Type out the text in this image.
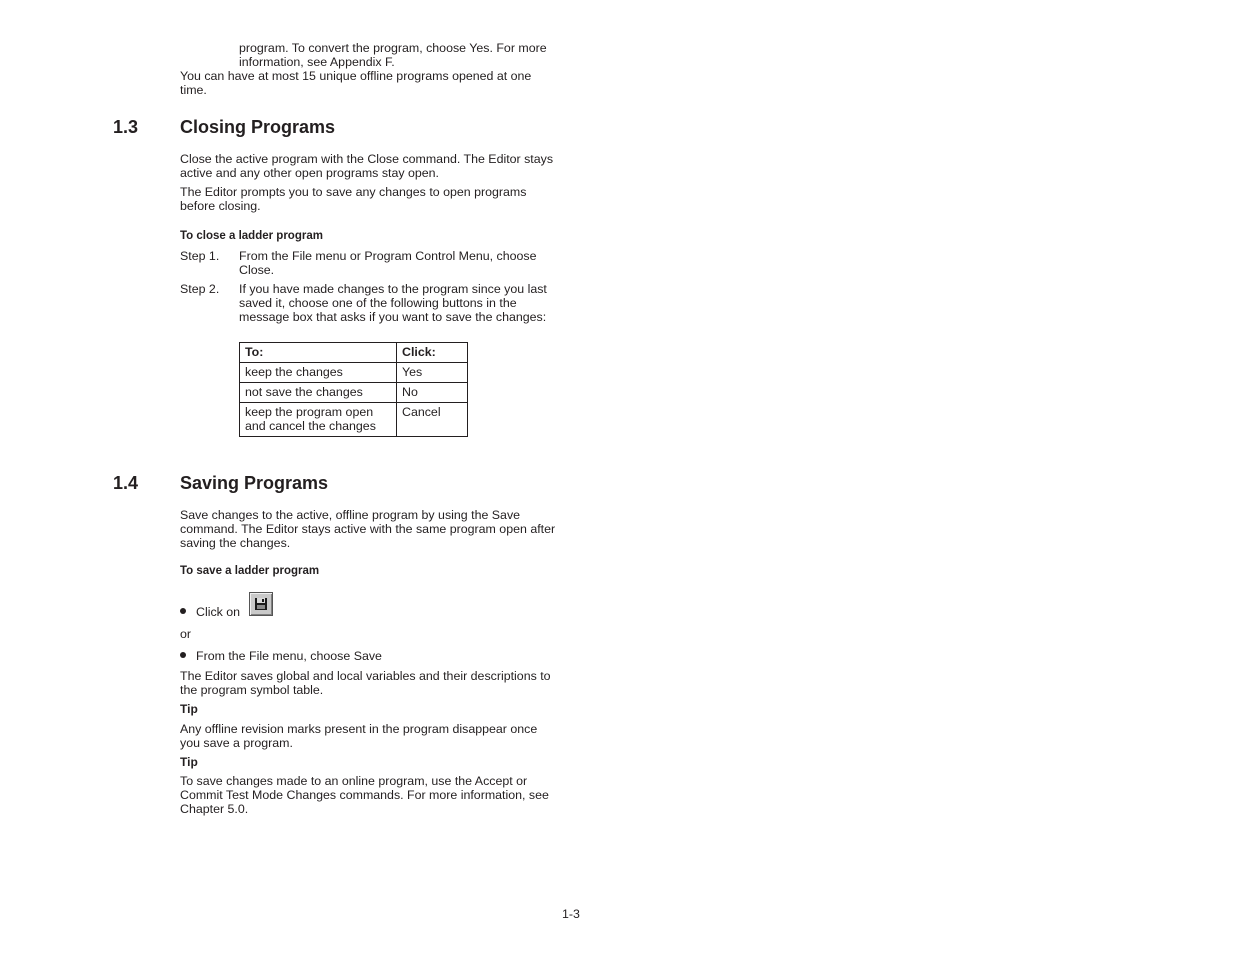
program. To convert the program, choose Yes. For more
information, see Appendix F.
You can have at most 15 unique offline programs opened at one
time.
1.3 Closing Programs
Close the active program with the Close command. The Editor stays
active and any other open programs stay open.
The Editor prompts you to save any changes to open programs
before closing.
To close a ladder program
Step 1. From the File menu or Program Control Menu, choose
Close.
Step 2. If you have made changes to the program since you last
saved it, choose one of the following buttons in the
message box that asks if you want to save the changes:
To:	Click:
keep the changes	Yes
not save the changes	No

keep the program open
and cancel the changes	Cancel
1.4 Saving Programs
Save changes to the active, offline program by using the Save
command. The Editor stays active with the same program open after
saving the changes.
To save a ladder program
Click on
or
From the File menu, choose Save
The Editor saves global and local variables and their descriptions to
the program symbol table.
Tip
Any offline revision marks present in the program disappear once
you save a program.
Tip
To save changes made to an online program, use the Accept or
Commit Test Mode Changes commands. For more information, see
Chapter 5.0.
1-3
